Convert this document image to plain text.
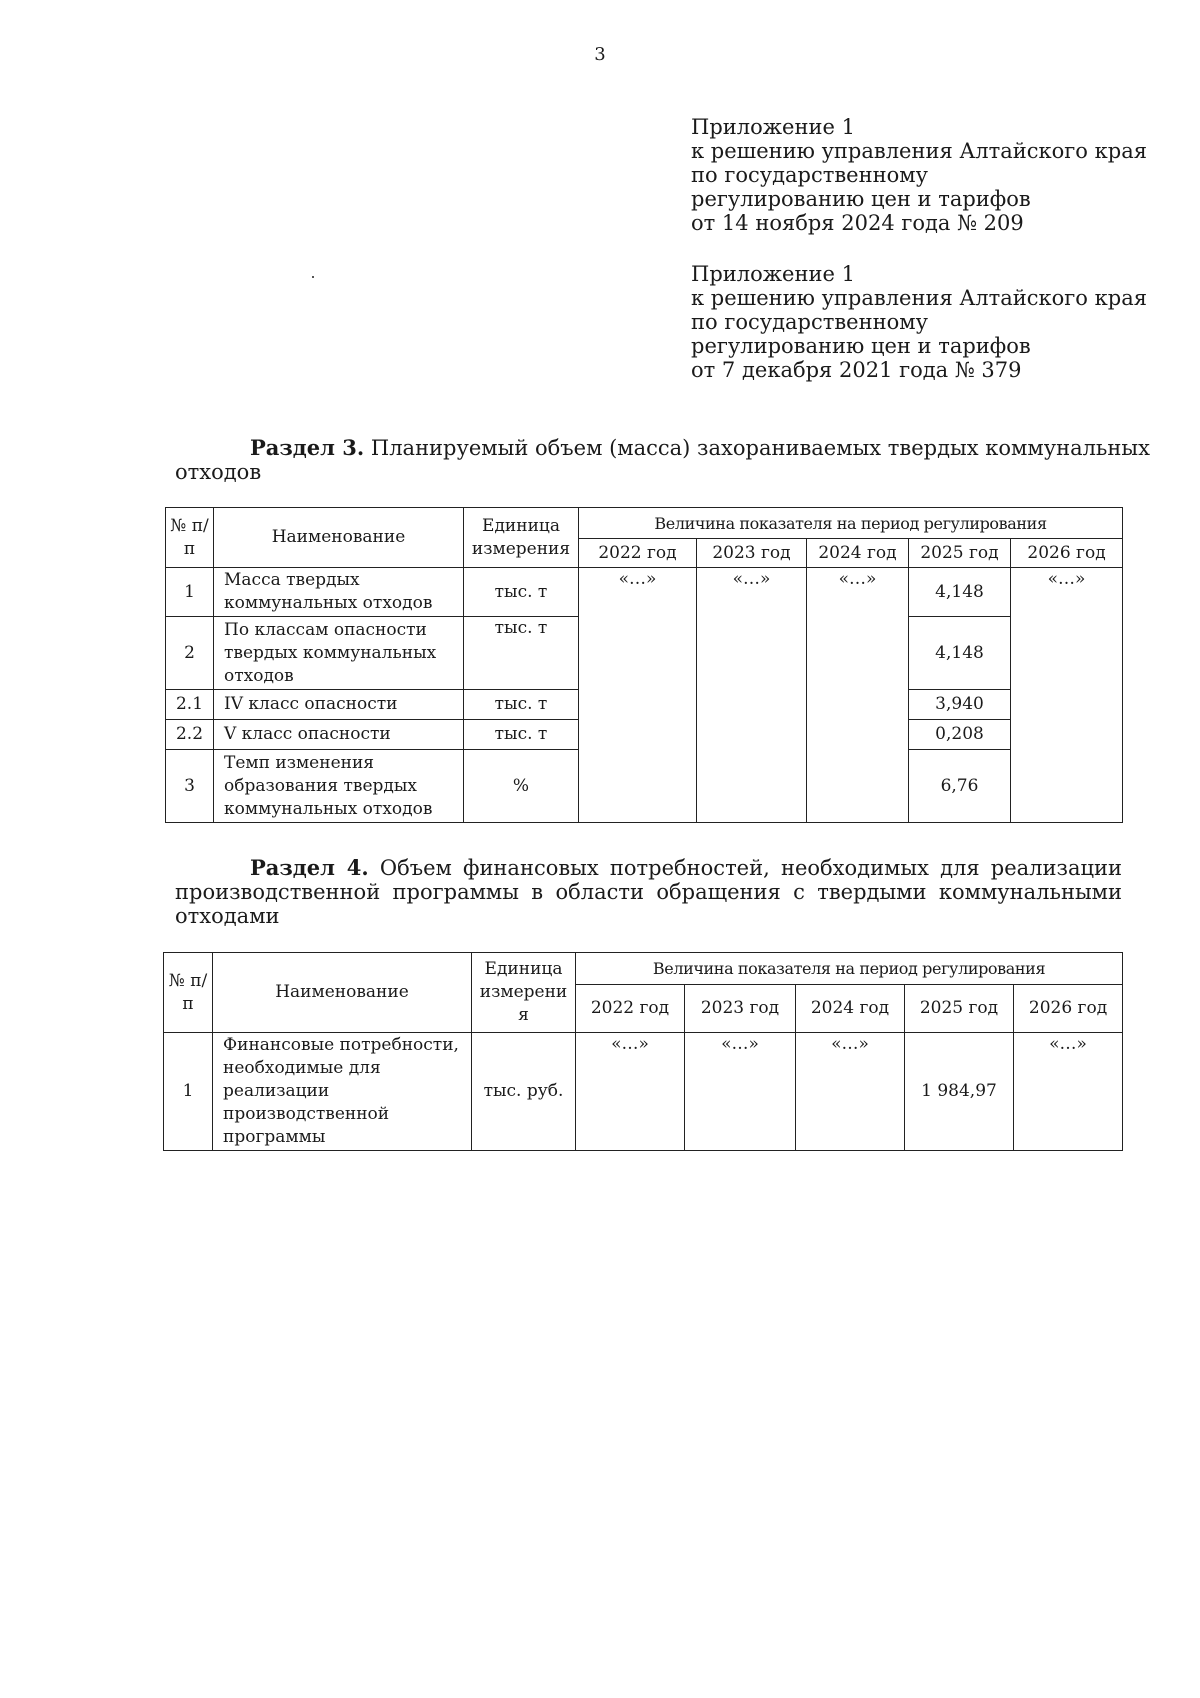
3
Приложение 1
к решению управления Алтайского края
по государственному
регулированию цен и тарифов
от 14 ноября 2024 года № 209
Приложение 1
к решению управления Алтайского края
по государственному
регулированию цен и тарифов
от 7 декабря 2021 года № 379
Раздел 3. Планируемый объем (масса) захораниваемых твердых коммунальных
отходов
№ п/п	Наименование	Единица измерения	Величина показателя на период регулирования				
			2022 год	2023 год	2024 год	2025 год	2026 год
1	Масса твердых коммунальных отходов	тыс. т	«…»	«…»	«…»	4,148	«…»
2	По классам опасности твердых коммунальных отходов	тыс. т				4,148	
2.1	IV класс опасности	тыс. т				3,940	
2.2	V класс опасности	тыс. т				0,208	
3	Темп изменения образования твердых коммунальных отходов	%				6,76	
Раздел 4. Объем финансовых потребностей, необходимых для реализации
производственной программы в области обращения с твердыми коммунальными
отходами
№ п/ п	Наименование	Единица измерени я	Величина показателя на период регулирования				
			2022 год	2023 год	2024 год	2025 год	2026 год
1	Финансовые потребности, необходимые для реализации производственной программы	тыс. руб.	«…»	«…»	«…»	1 984,97	«…»
